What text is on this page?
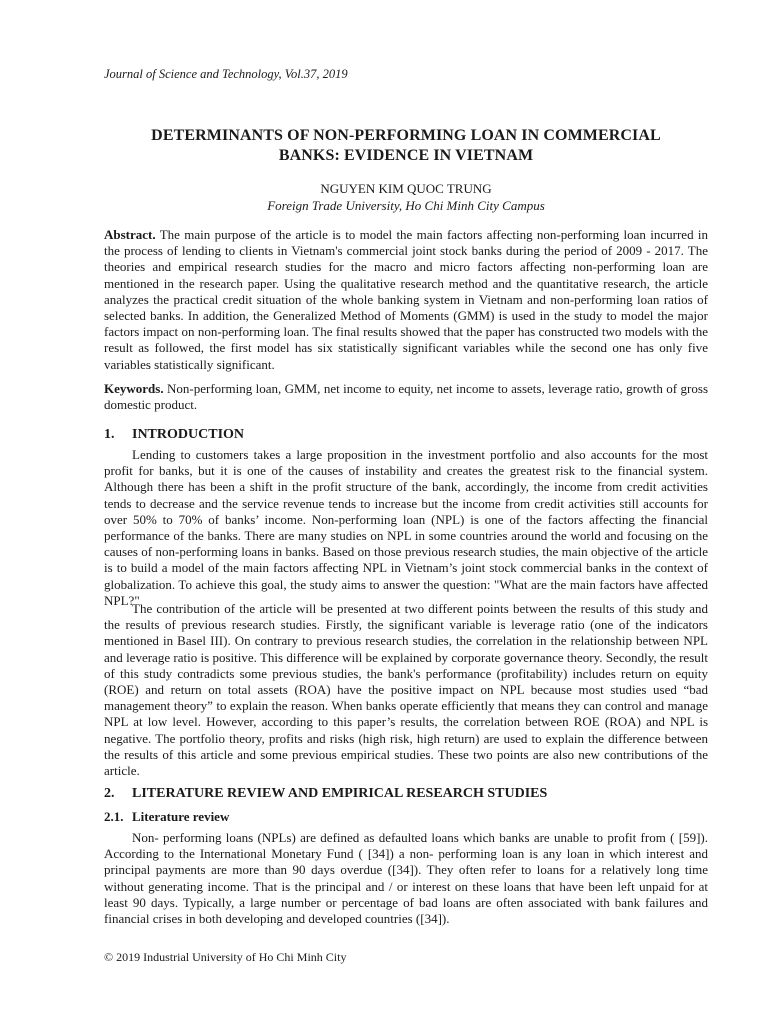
Journal of Science and Technology, Vol.37, 2019
DETERMINANTS OF NON-PERFORMING LOAN IN COMMERCIAL
BANKS: EVIDENCE IN VIETNAM
NGUYEN KIM QUOC TRUNG
Foreign Trade University, Ho Chi Minh City Campus
Abstract. The main purpose of the article is to model the main factors affecting non-performing loan incurred in the process of lending to clients in Vietnam's commercial joint stock banks during the period of 2009 - 2017. The theories and empirical research studies for the macro and micro factors affecting non-performing loan are mentioned in the research paper. Using the qualitative research method and the quantitative research, the article analyzes the practical credit situation of the whole banking system in Vietnam and non-performing loan ratios of selected banks. In addition, the Generalized Method of Moments (GMM) is used in the study to model the major factors impact on non-performing loan. The final results showed that the paper has constructed two models with the result as followed, the first model has six statistically significant variables while the second one has only five variables statistically significant.
Keywords. Non-performing loan, GMM, net income to equity, net income to assets, leverage ratio, growth of gross domestic product.
1. INTRODUCTION
Lending to customers takes a large proposition in the investment portfolio and also accounts for the most profit for banks, but it is one of the causes of instability and creates the greatest risk to the financial system. Although there has been a shift in the profit structure of the bank, accordingly, the income from credit activities tends to decrease and the service revenue tends to increase but the income from credit activities still accounts for over 50% to 70% of banks’ income. Non-performing loan (NPL) is one of the factors affecting the financial performance of the banks. There are many studies on NPL in some countries around the world and focusing on the causes of non-performing loans in banks. Based on those previous research studies, the main objective of the article is to build a model of the main factors affecting NPL in Vietnam’s joint stock commercial banks in the context of globalization. To achieve this goal, the study aims to answer the question: "What are the main factors have affected NPL?"
The contribution of the article will be presented at two different points between the results of this study and the results of previous research studies. Firstly, the significant variable is leverage ratio (one of the indicators mentioned in Basel III). On contrary to previous research studies, the correlation in the relationship between NPL and leverage ratio is positive. This difference will be explained by corporate governance theory. Secondly, the result of this study contradicts some previous studies, the bank's performance (profitability) includes return on equity (ROE) and return on total assets (ROA) have the positive impact on NPL because most studies used “bad management theory” to explain the reason. When banks operate efficiently that means they can control and manage NPL at low level. However, according to this paper’s results, the correlation between ROE (ROA) and NPL is negative. The portfolio theory, profits and risks (high risk, high return) are used to explain the difference between the results of this article and some previous empirical studies. These two points are also new contributions of the article.
2. LITERATURE REVIEW AND EMPIRICAL RESEARCH STUDIES
2.1. Literature review
Non- performing loans (NPLs) are defined as defaulted loans which banks are unable to profit from ( [59]). According to the International Monetary Fund ( [34]) a non- performing loan is any loan in which interest and principal payments are more than 90 days overdue ([34]). They often refer to loans for a relatively long time without generating income. That is the principal and / or interest on these loans that have been left unpaid for at least 90 days. Typically, a large number or percentage of bad loans are often associated with bank failures and financial crises in both developing and developed countries ([34]).
© 2019 Industrial University of Ho Chi Minh City
